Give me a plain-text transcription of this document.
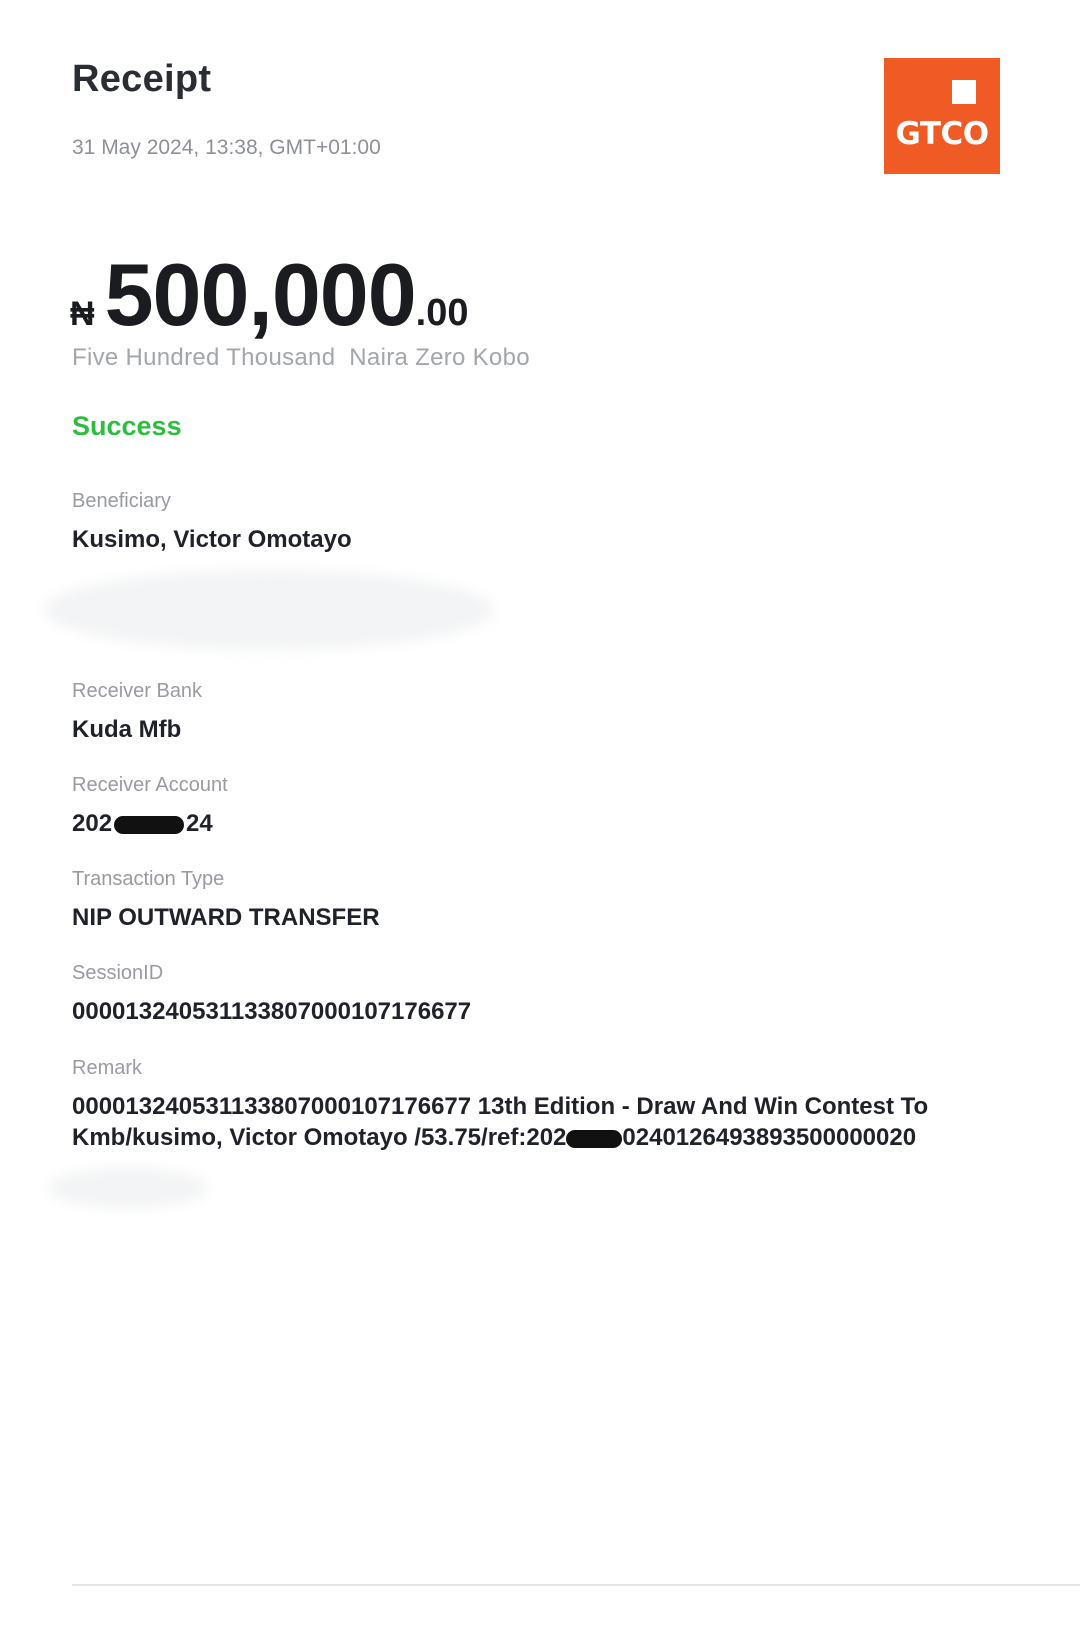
Receipt
31 May 2024, 13:38, GMT+01:00	GTCO
₦ 500,000.00
Five Hundred Thousand  Naira Zero Kobo
Success
Beneficiary
Kusimo, Victor Omotayo
Receiver Bank
Kuda Mfb
Receiver Account
202	24
Transaction Type
NIP OUTWARD TRANSFER
SessionID
000013240531133807000107176677
Remark
000013240531133807000107176677 13th Edition - Draw And Win Contest To
Kmb/kusimo, Victor Omotayo /53.75/ref:202 0240126493893500000020
